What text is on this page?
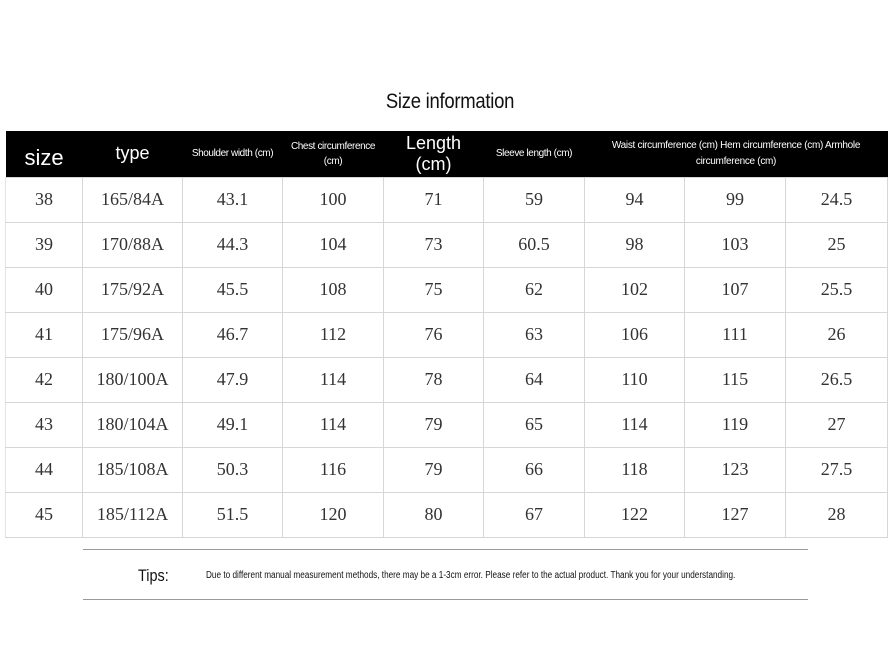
Size information
size	type	Shoulder width (cm)	Chest circumference (cm)	Length (cm)	Sleeve length (cm)	Waist circumference (cm) Hem circumference (cm) Armhole circumference (cm)		
38	165/84A	43.1	100	71	59	94	99	24.5
39	170/88A	44.3	104	73	60.5	98	103	25
40	175/92A	45.5	108	75	62	102	107	25.5
41	175/96A	46.7	112	76	63	106	111	26
42	180/100A	47.9	114	78	64	110	115	26.5
43	180/104A	49.1	114	79	65	114	119	27
44	185/108A	50.3	116	79	66	118	123	27.5
45	185/112A	51.5	120	80	67	122	127	28
Tips:	Due to different manual measurement methods, there may be a 1-3cm error. Please refer to the actual product. Thank you for your understanding.
